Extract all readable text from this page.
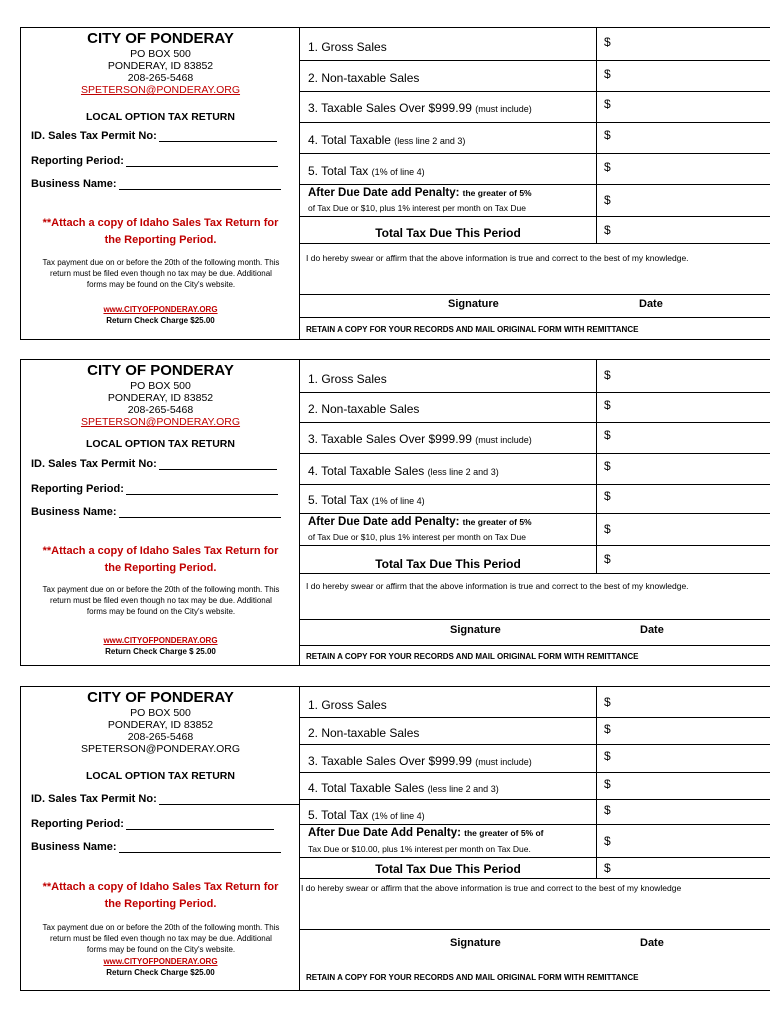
CITY OF PONDERAY
PO BOX 500
PONDERAY, ID 83852
208-265-5468
SPETERSON@PONDERAY.ORG
LOCAL OPTION TAX RETURN
ID. Sales Tax Permit No:
Reporting Period:
Business Name:
**Attach a copy of Idaho Sales Tax Return for
the Reporting Period.
Tax payment due on or before the 20th of the following month. This
return must be filed even though no tax may be due. Additional
forms may be found on the City's website.
www.CITYOFPONDERAY.ORG
Return Check Charge $25.00
1. Gross Sales	$
2. Non-taxable Sales	$
3. Taxable Sales Over $999.99 (must include)	$
4. Total Taxable (less line 2 and 3)	$
5. Total Tax (1% of line 4)	$
After Due Date add Penalty: the greater of 5%
of Tax Due or $10, plus 1% interest per month on Tax Due
$
Total Tax Due This Period	$
I do hereby swear or affirm that the above information is true and correct to the best of my knowledge.
Signature	Date
RETAIN A COPY FOR YOUR RECORDS AND MAIL ORIGINAL FORM WITH REMITTANCE
CITY OF PONDERAY
PO BOX 500
PONDERAY, ID 83852
208-265-5468
SPETERSON@PONDERAY.ORG
LOCAL OPTION TAX RETURN
ID. Sales Tax Permit No:
Reporting Period:
Business Name:
**Attach a copy of Idaho Sales Tax Return for
the Reporting Period.
Tax payment due on or before the 20th of the following month. This
return must be filed even though no tax may be due. Additional
forms may be found on the City's website.
www.CITYOFPONDERAY.ORG
Return Check Charge $ 25.00
1. Gross Sales	$
2. Non-taxable Sales	$
3. Taxable Sales Over $999.99 (must include)	$
4. Total Taxable Sales (less line 2 and 3)	$
5. Total Tax (1% of line 4)	$
After Due Date add Penalty: the greater of 5%
of Tax Due or $10, plus 1% interest per month on Tax Due
$
Total Tax Due This Period	$
I do hereby swear or affirm that the above information is true and correct to the best of my knowledge.
Signature	Date
RETAIN A COPY FOR YOUR RECORDS AND MAIL ORIGINAL FORM WITH REMITTANCE
CITY OF PONDERAY
PO BOX 500
PONDERAY, ID 83852
208-265-5468
SPETERSON@PONDERAY.ORG
LOCAL OPTION TAX RETURN
ID. Sales Tax Permit No:
Reporting Period:
Business Name:
**Attach a copy of Idaho Sales Tax Return for
the Reporting Period.
Tax payment due on or before the 20th of the following month. This
return must be filed even though no tax may be due. Additional
forms may be found on the City's website.
www.CITYOFPONDERAY.ORG
Return Check Charge $25.00
1. Gross Sales	$
2. Non-taxable Sales	$
3. Taxable Sales Over $999.99 (must include)	$
4. Total Taxable Sales (less line 2 and 3)	$
5. Total Tax (1% of line 4)	$
After Due Date Add Penalty: the greater of 5% of
Tax Due or $10.00, plus 1% interest per month on Tax Due.
$
Total Tax Due This Period	$
I do hereby swear or affirm that the above information is true and correct to the best of my knowledge
Signature	Date
RETAIN A COPY FOR YOUR RECORDS AND MAIL ORIGINAL FORM WITH REMITTANCE
